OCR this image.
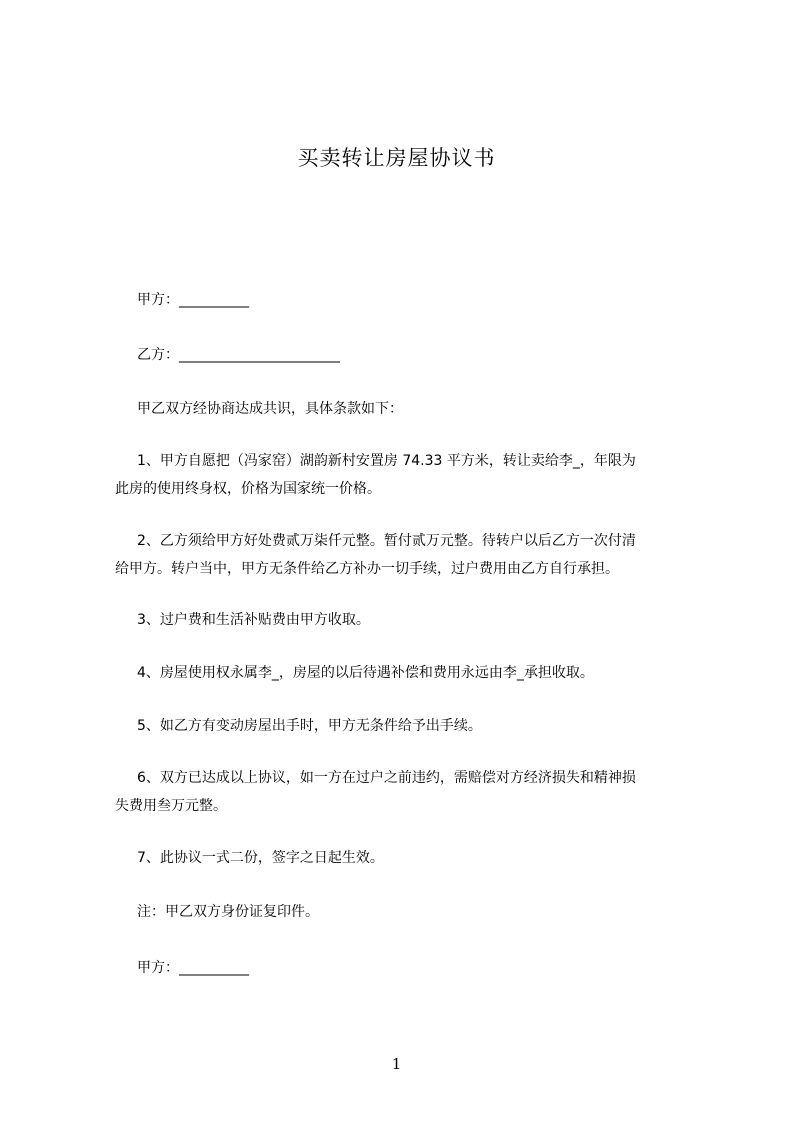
买卖转让房屋协议书
甲方：__________
乙方：_______________________
甲乙双方经协商达成共识，具体条款如下：
1、甲方自愿把（冯家窑）湖韵新村安置房 74.33 平方米，转让卖给李_，年限为
此房的使用终身权，价格为国家统一价格。
2、乙方须给甲方好处费贰万柒仟元整。暂付贰万元整。待转户以后乙方一次付清
给甲方。转户当中，甲方无条件给乙方补办一切手续，过户费用由乙方自行承担。
3、过户费和生活补贴费由甲方收取。
4、房屋使用权永属李_，房屋的以后待遇补偿和费用永远由李_承担收取。
5、如乙方有变动房屋出手时，甲方无条件给予出手续。
6、双方已达成以上协议，如一方在过户之前违约，需赔偿对方经济损失和精神损
失费用叁万元整。
7、此协议一式二份，签字之日起生效。
注：甲乙双方身份证复印件。
甲方：__________
1
